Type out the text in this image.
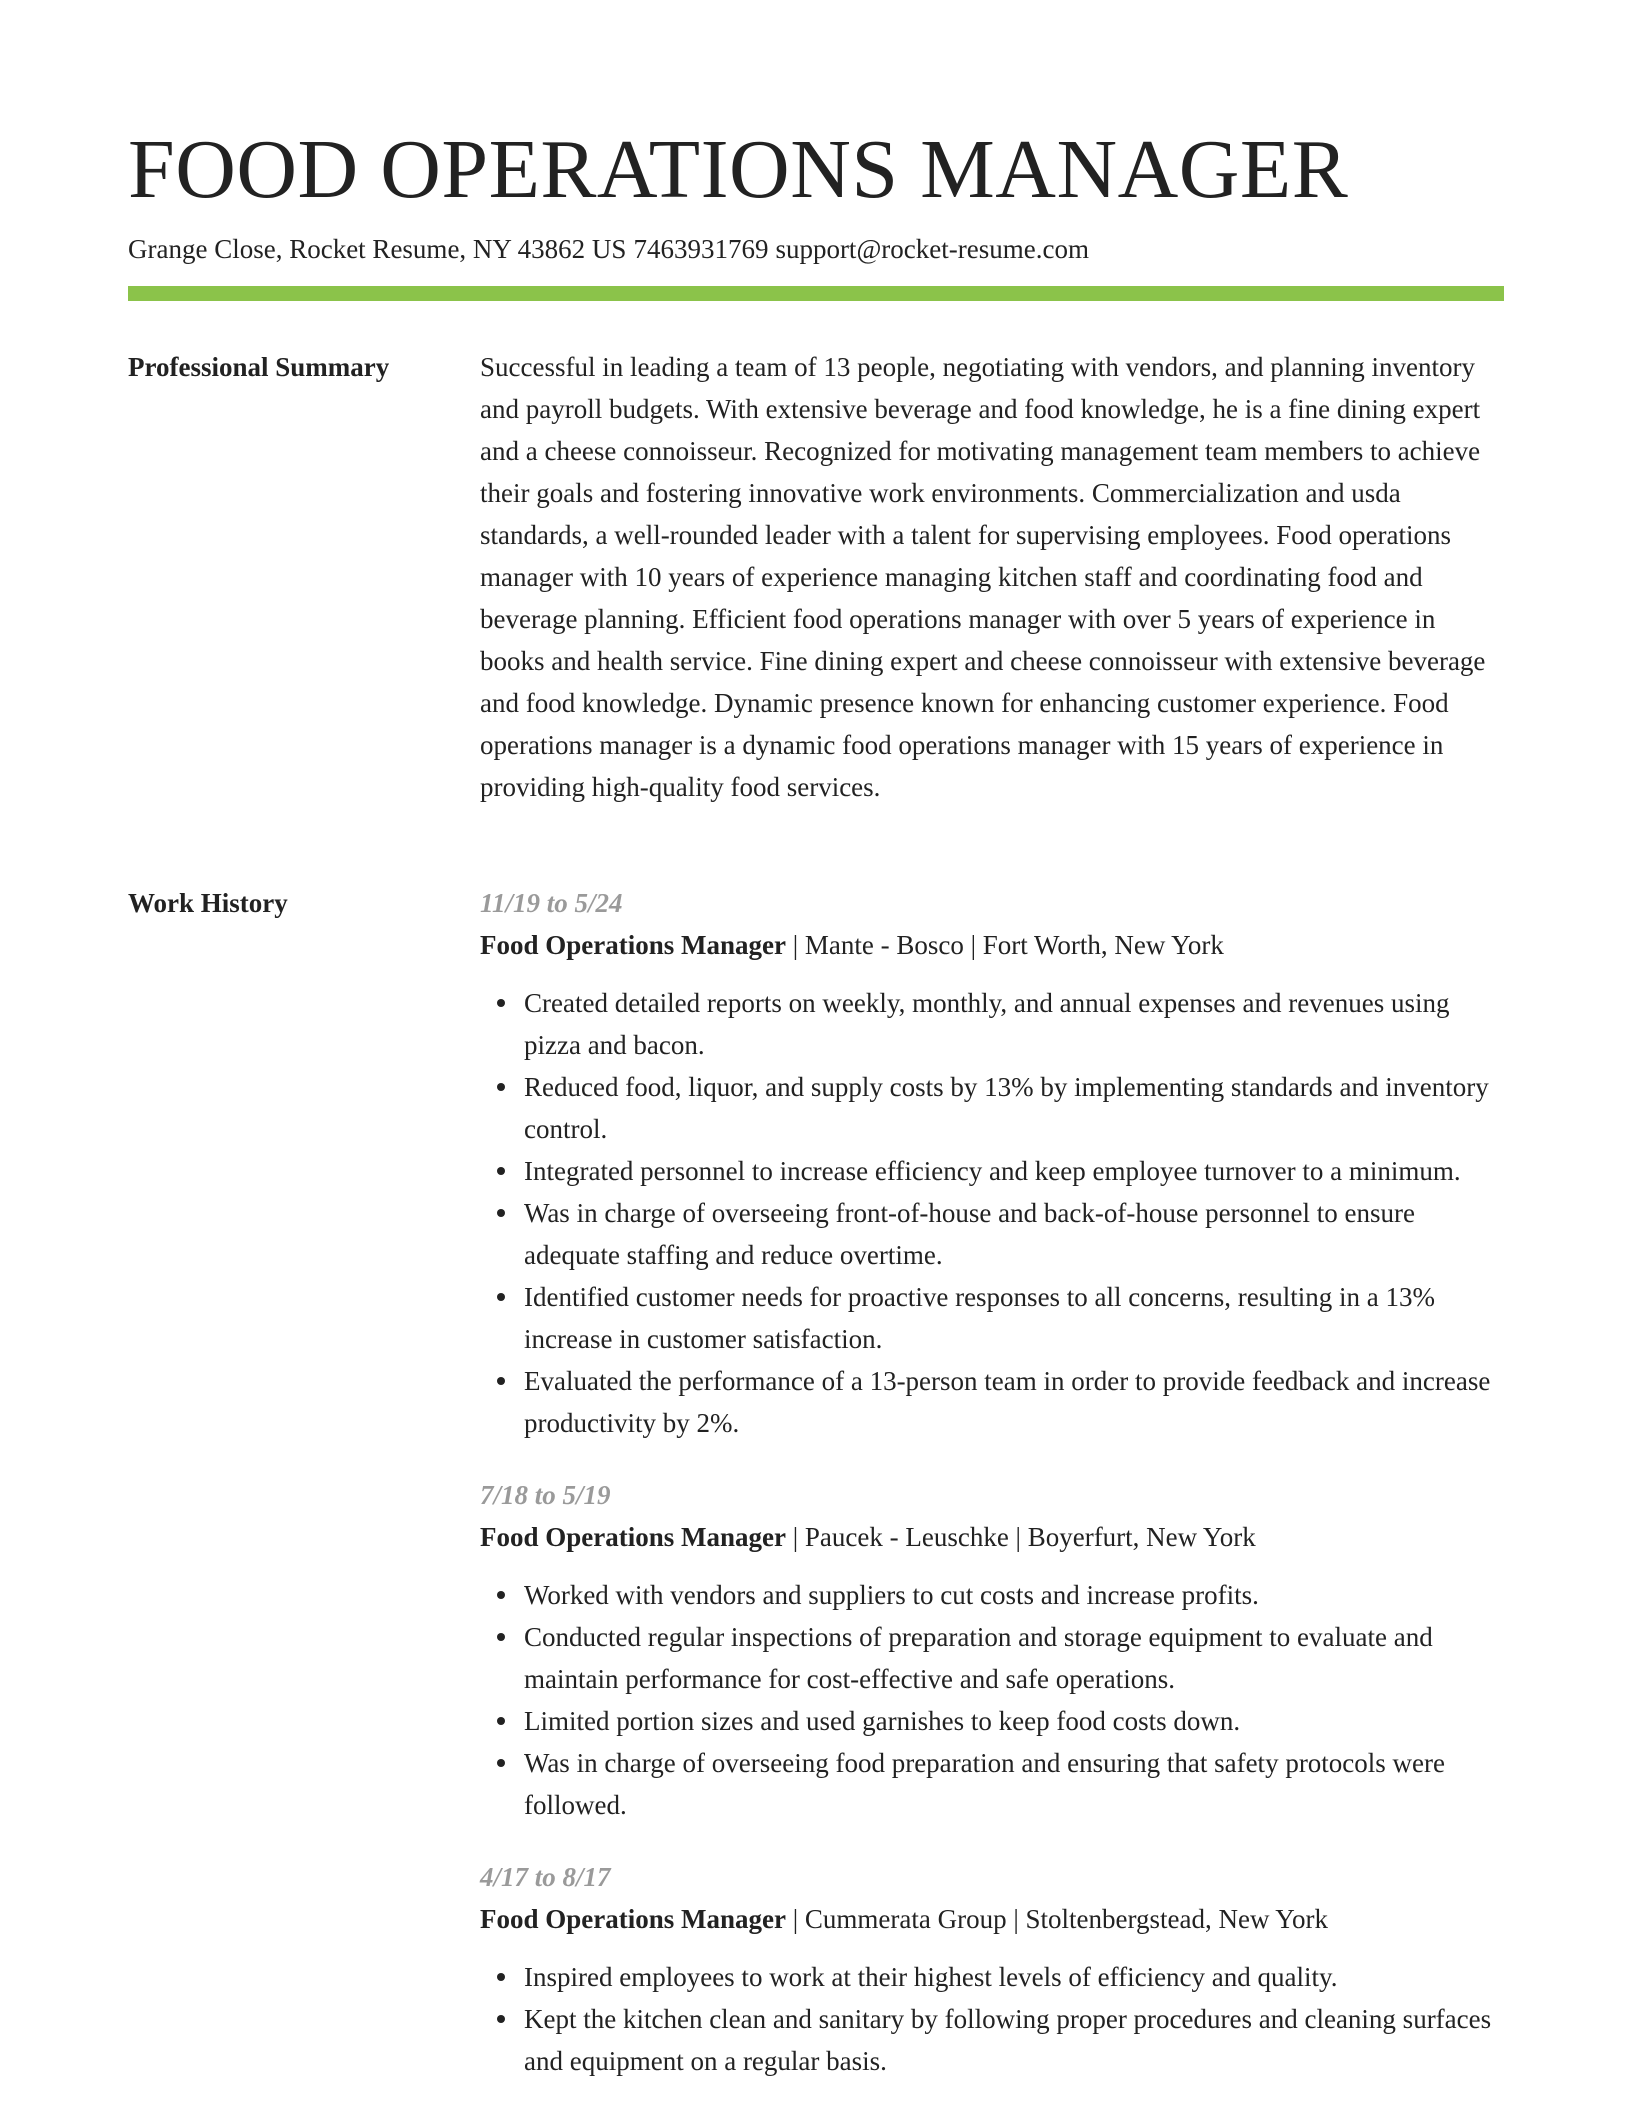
FOOD OPERATIONS MANAGER
Grange Close, Rocket Resume, NY 43862 US 7463931769 support@rocket-resume.com
Professional Summary	Successful in leading a team of 13 people, negotiating with vendors, and planning inventory and payroll budgets. With extensive beverage and food knowledge, he is a fine dining expert and a cheese connoisseur. Recognized for motivating management team members to achieve their goals and fostering innovative work environments. Commercialization and usda standards, a well-rounded leader with a talent for supervising employees. Food operations manager with 10 years of experience managing kitchen staff and coordinating food and beverage planning. Efficient food operations manager with over 5 years of experience in books and health service. Fine dining expert and cheese connoisseur with extensive beverage and food knowledge. Dynamic presence known for enhancing customer experience. Food operations manager is a dynamic food operations manager with 15 years of experience in providing high-quality food services.

Work History	11/19 to 5/24
Food Operations Manager | Mante - Bosco | Fort Worth, New York
Created detailed reports on weekly, monthly, and annual expenses and revenues using pizza and bacon.
Reduced food, liquor, and supply costs by 13% by implementing standards and inventory control.
Integrated personnel to increase efficiency and keep employee turnover to a minimum.
Was in charge of overseeing front-of-house and back-of-house personnel to ensure adequate staffing and reduce overtime.
Identified customer needs for proactive responses to all concerns, resulting in a 13% increase in customer satisfaction.
Evaluated the performance of a 13-person team in order to provide feedback and increase productivity by 2%.
7/18 to 5/19
Food Operations Manager | Paucek - Leuschke | Boyerfurt, New York
Worked with vendors and suppliers to cut costs and increase profits.
Conducted regular inspections of preparation and storage equipment to evaluate and maintain performance for cost-effective and safe operations.
Limited portion sizes and used garnishes to keep food costs down.
Was in charge of overseeing food preparation and ensuring that safety protocols were followed.
4/17 to 8/17
Food Operations Manager | Cummerata Group | Stoltenbergstead, New York
Inspired employees to work at their highest levels of efficiency and quality.
Kept the kitchen clean and sanitary by following proper procedures and cleaning surfaces and equipment on a regular basis.
